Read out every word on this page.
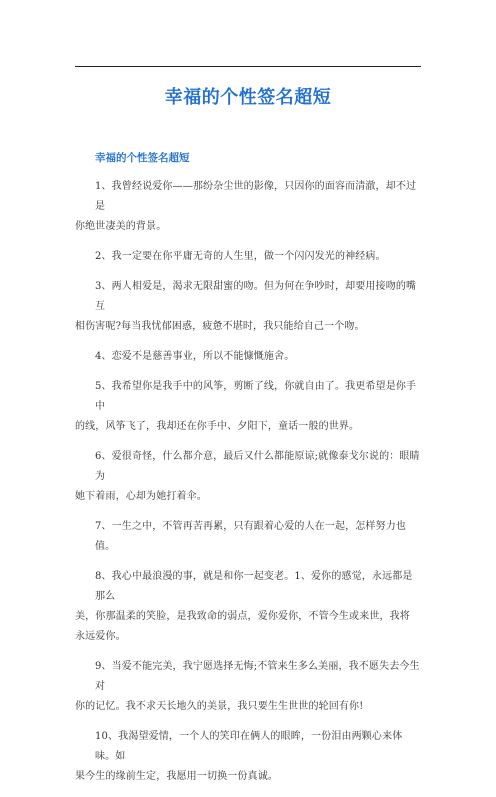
幸福的个性签名超短
幸福的个性签名超短

1、我曾经说爱你——那纷杂尘世的影像，只因你的面容而清澈，却不过是
你绝世凄美的背景。

2、我一定要在你平庸无奇的人生里，做一个闪闪发光的神经病。

3、两人相爱是，渴求无限甜蜜的吻。但为何在争吵时，却要用接吻的嘴互
相伤害呢?每当我忧郁困惑，疲惫不堪时，我只能给自己一个吻。

4、恋爱不是慈善事业，所以不能慷慨施舍。

5、我希望你是我手中的风筝，剪断了线，你就自由了。我更希望是你手中
的线，风筝飞了，我却还在你手中、夕阳下，童话一般的世界。

6、爱很奇怪，什么都介意，最后又什么都能原谅;就像泰戈尔说的：眼睛为
她下着雨，心却为她打着伞。

7、一生之中，不管再苦再累，只有跟着心爱的人在一起，怎样努力也值。

8、我心中最浪漫的事，就是和你一起变老。1、爱你的感觉，永远都是那么
美，你那温柔的笑脸，是我致命的弱点，爱你爱你，不管今生或来世，我将永远爱你。

9、当爱不能完美，我宁愿选择无悔;不管来生多么美丽，我不愿失去今生对
你的记忆。我不求天长地久的美景，我只要生生世世的轮回有你!

10、我渴望爱情，一个人的笑印在俩人的眼眸，一份泪由两颗心来体味。如
果今生的缘前生定，我愿用一切换一份真诚。
